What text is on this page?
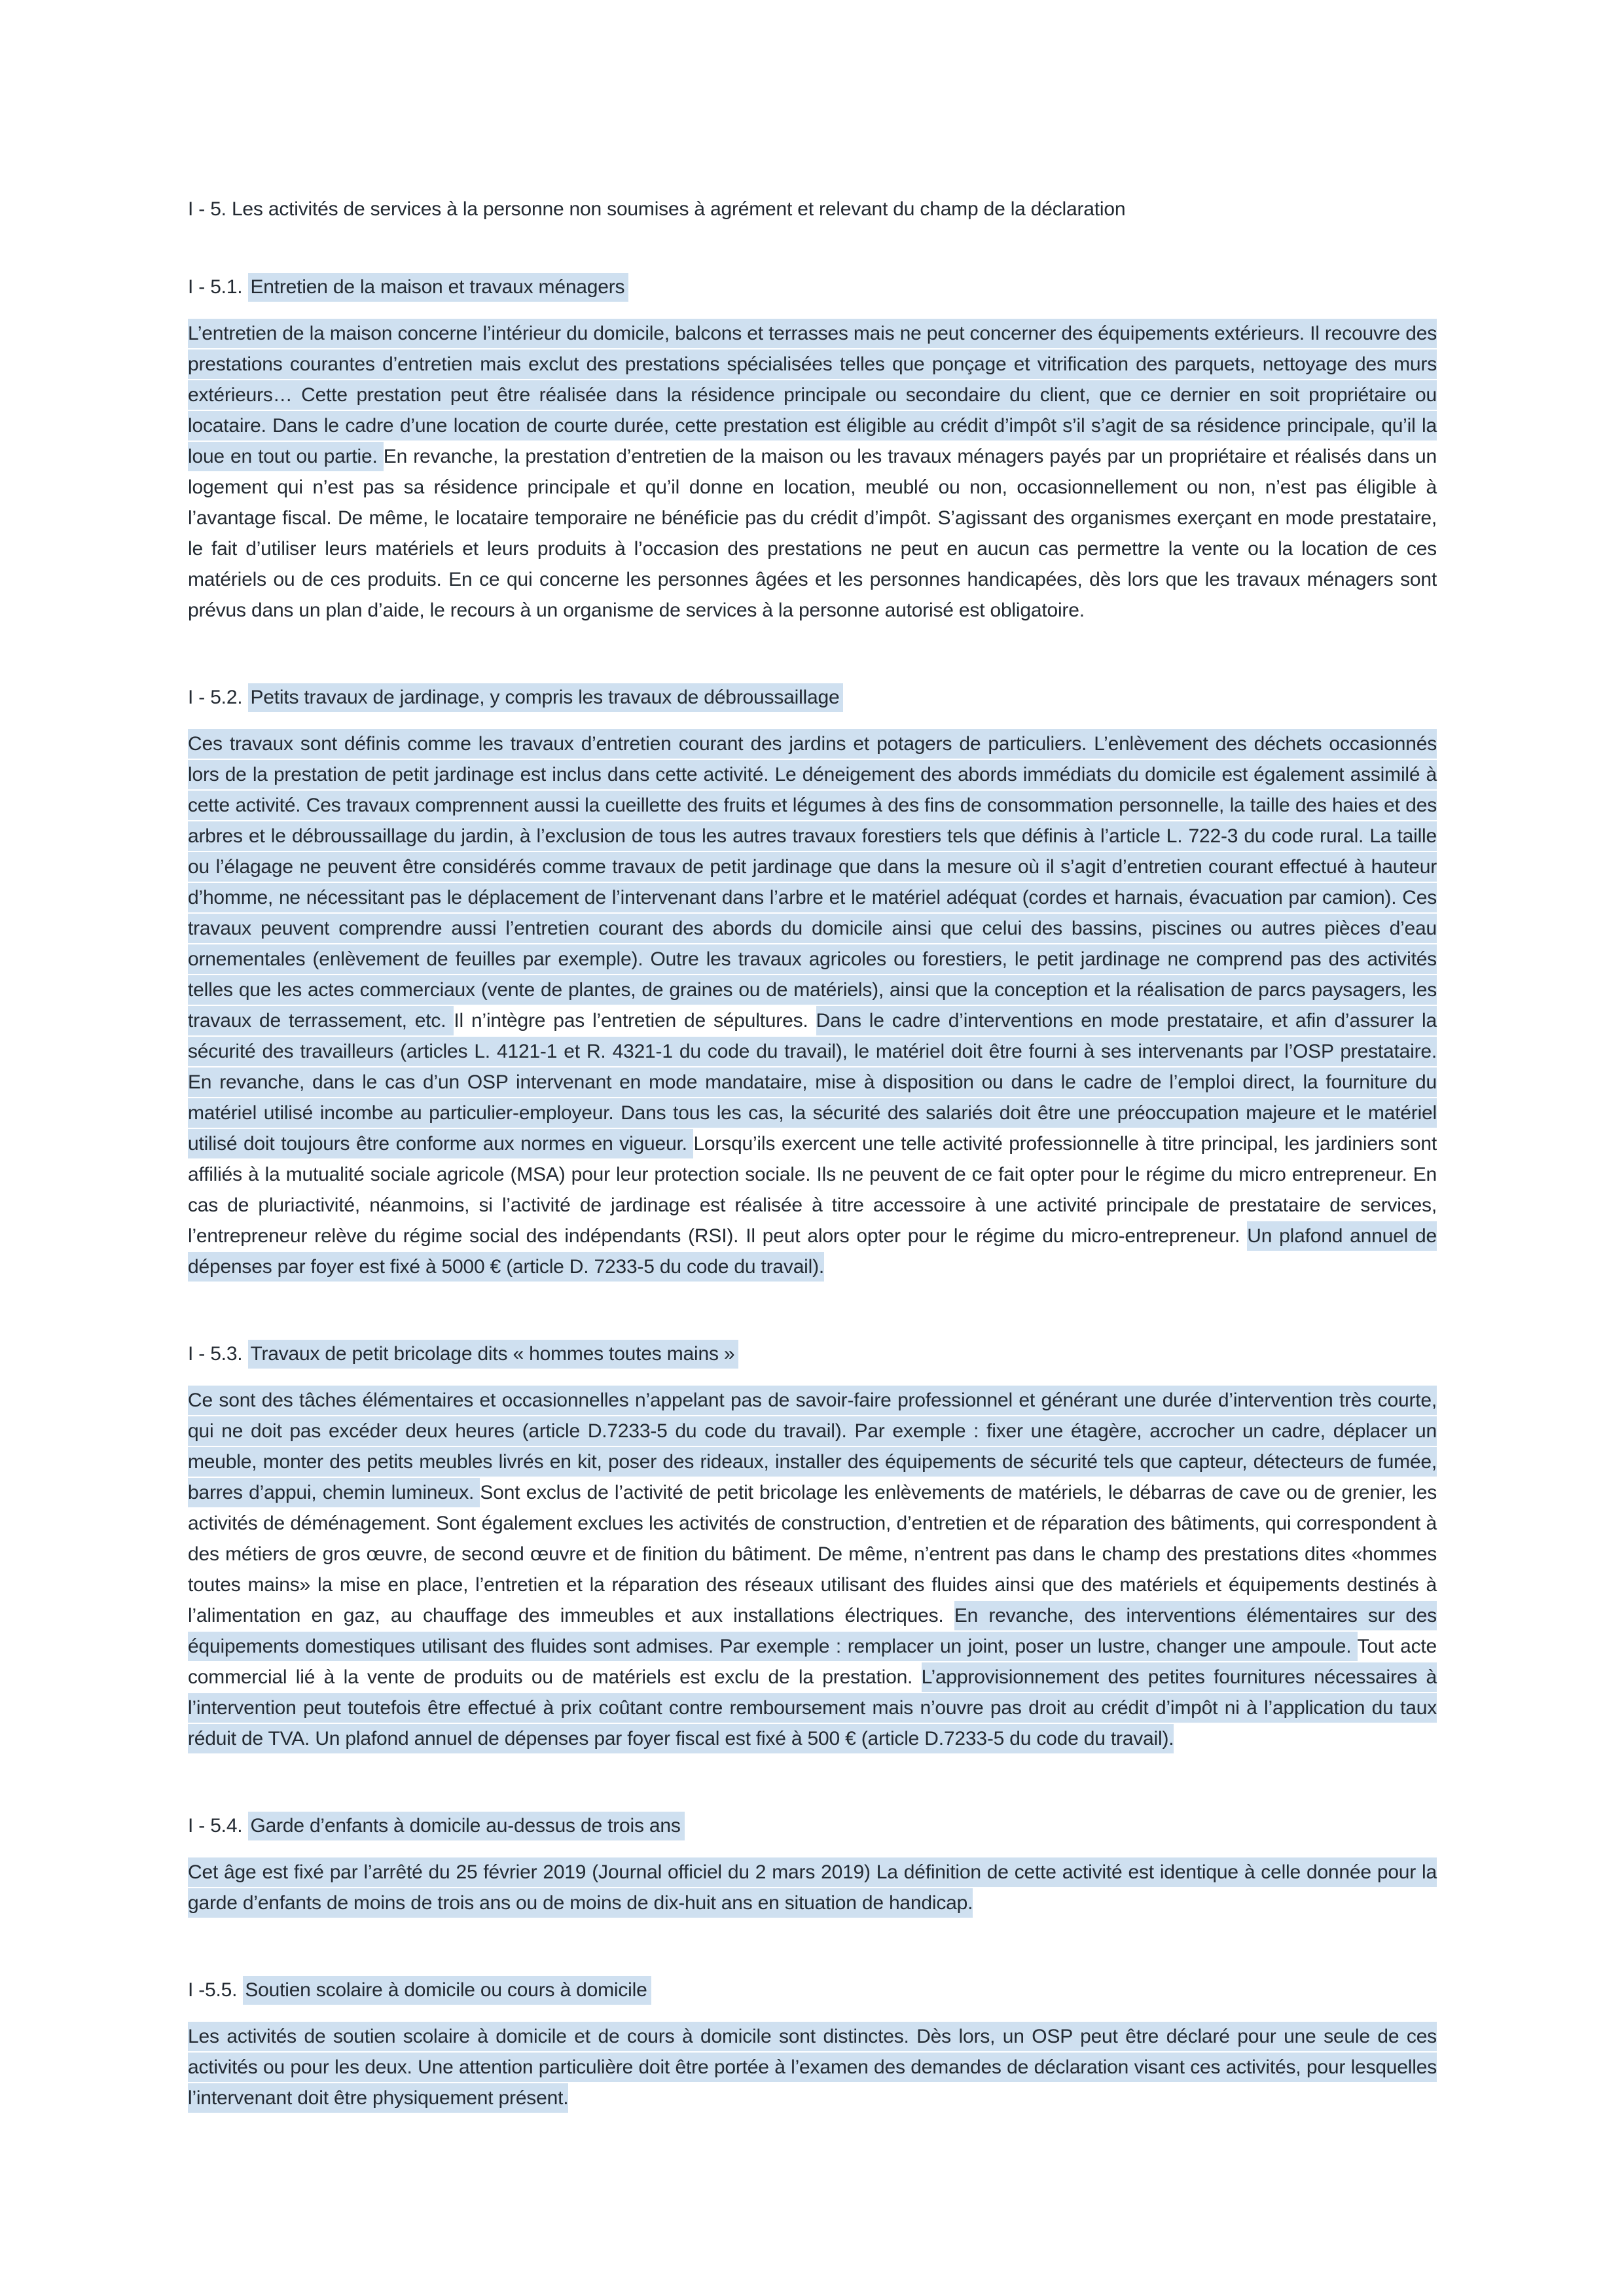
I - 5. Les activités de services à la personne non soumises à agrément et relevant du champ de la déclaration
I - 5.1. Entretien de la maison et travaux ménagers

L’entretien de la maison concerne l’intérieur du domicile, balcons et terrasses mais ne peut concerner des équipements extérieurs. Il recouvre des prestations courantes d’entretien mais exclut des prestations spécialisées telles que ponçage et vitrification des parquets, nettoyage des murs extérieurs… Cette prestation peut être réalisée dans la résidence principale ou secondaire du client, que ce dernier en soit propriétaire ou locataire. Dans le cadre d’une location de courte durée, cette prestation est éligible au crédit d’impôt s’il s’agit de sa résidence principale, qu’il la loue en tout ou partie. En revanche, la prestation d’entretien de la maison ou les travaux ménagers payés par un propriétaire et réalisés dans un logement qui n’est pas sa résidence principale et qu’il donne en location, meublé ou non, occasionnellement ou non, n’est pas éligible à l’avantage fiscal. De même, le locataire temporaire ne bénéficie pas du crédit d’impôt. S’agissant des organismes exerçant en mode prestataire, le fait d’utiliser leurs matériels et leurs produits à l’occasion des prestations ne peut en aucun cas permettre la vente ou la location de ces matériels ou de ces produits. En ce qui concerne les personnes âgées et les personnes handicapées, dès lors que les travaux ménagers sont prévus dans un plan d’aide, le recours à un organisme de services à la personne autorisé est obligatoire.

I - 5.2. Petits travaux de jardinage, y compris les travaux de débroussaillage

Ces travaux sont définis comme les travaux d’entretien courant des jardins et potagers de particuliers. L’enlèvement des déchets occasionnés lors de la prestation de petit jardinage est inclus dans cette activité. Le déneigement des abords immédiats du domicile est également assimilé à cette activité. Ces travaux comprennent aussi la cueillette des fruits et légumes à des fins de consommation personnelle, la taille des haies et des arbres et le débroussaillage du jardin, à l’exclusion de tous les autres travaux forestiers tels que définis à l’article L. 722-3 du code rural. La taille ou l’élagage ne peuvent être considérés comme travaux de petit jardinage que dans la mesure où il s’agit d’entretien courant effectué à hauteur d’homme, ne nécessitant pas le déplacement de l’intervenant dans l’arbre et le matériel adéquat (cordes et harnais, évacuation par camion). Ces travaux peuvent comprendre aussi l’entretien courant des abords du domicile ainsi que celui des bassins, piscines ou autres pièces d’eau ornementales (enlèvement de feuilles par exemple). Outre les travaux agricoles ou forestiers, le petit jardinage ne comprend pas des activités telles que les actes commerciaux (vente de plantes, de graines ou de matériels), ainsi que la conception et la réalisation de parcs paysagers, les travaux de terrassement, etc. Il n’intègre pas l’entretien de sépultures. Dans le cadre d’interventions en mode prestataire, et afin d’assurer la sécurité des travailleurs (articles L. 4121-1 et R. 4321-1 du code du travail), le matériel doit être fourni à ses intervenants par l’OSP prestataire. En revanche, dans le cas d’un OSP intervenant en mode mandataire, mise à disposition ou dans le cadre de l’emploi direct, la fourniture du matériel utilisé incombe au particulier-employeur. Dans tous les cas, la sécurité des salariés doit être une préoccupation majeure et le matériel utilisé doit toujours être conforme aux normes en vigueur. Lorsqu’ils exercent une telle activité professionnelle à titre principal, les jardiniers sont affiliés à la mutualité sociale agricole (MSA) pour leur protection sociale. Ils ne peuvent de ce fait opter pour le régime du micro entrepreneur. En cas de pluriactivité, néanmoins, si l’activité de jardinage est réalisée à titre accessoire à une activité principale de prestataire de services, l’entrepreneur relève du régime social des indépendants (RSI). Il peut alors opter pour le régime du micro-entrepreneur. Un plafond annuel de dépenses par foyer est fixé à 5000 € (article D. 7233-5 du code du travail).

I - 5.3. Travaux de petit bricolage dits « hommes toutes mains »

Ce sont des tâches élémentaires et occasionnelles n’appelant pas de savoir-faire professionnel et générant une durée d’intervention très courte, qui ne doit pas excéder deux heures (article D.7233-5 du code du travail). Par exemple : fixer une étagère, accrocher un cadre, déplacer un meuble, monter des petits meubles livrés en kit, poser des rideaux, installer des équipements de sécurité tels que capteur, détecteurs de fumée, barres d’appui, chemin lumineux. Sont exclus de l’activité de petit bricolage les enlèvements de matériels, le débarras de cave ou de grenier, les activités de déménagement. Sont également exclues les activités de construction, d’entretien et de réparation des bâtiments, qui correspondent à des métiers de gros œuvre, de second œuvre et de finition du bâtiment. De même, n’entrent pas dans le champ des prestations dites «hommes toutes mains» la mise en place, l’entretien et la réparation des réseaux utilisant des fluides ainsi que des matériels et équipements destinés à l’alimentation en gaz, au chauffage des immeubles et aux installations électriques. En revanche, des interventions élémentaires sur des équipements domestiques utilisant des fluides sont admises. Par exemple : remplacer un joint, poser un lustre, changer une ampoule. Tout acte commercial lié à la vente de produits ou de matériels est exclu de la prestation. L’approvisionnement des petites fournitures nécessaires à l’intervention peut toutefois être effectué à prix coûtant contre remboursement mais n’ouvre pas droit au crédit d’impôt ni à l’application du taux réduit de TVA. Un plafond annuel de dépenses par foyer fiscal est fixé à 500 € (article D.7233-5 du code du travail).

I - 5.4. Garde d’enfants à domicile au-dessus de trois ans

Cet âge est fixé par l’arrêté du 25 février 2019 (Journal officiel du 2 mars 2019) La définition de cette activité est identique à celle donnée pour la garde d’enfants de moins de trois ans ou de moins de dix-huit ans en situation de handicap.

I -5.5. Soutien scolaire à domicile ou cours à domicile

Les activités de soutien scolaire à domicile et de cours à domicile sont distinctes. Dès lors, un OSP peut être déclaré pour une seule de ces activités ou pour les deux. Une attention particulière doit être portée à l’examen des demandes de déclaration visant ces activités, pour lesquelles l’intervenant doit être physiquement présent.
